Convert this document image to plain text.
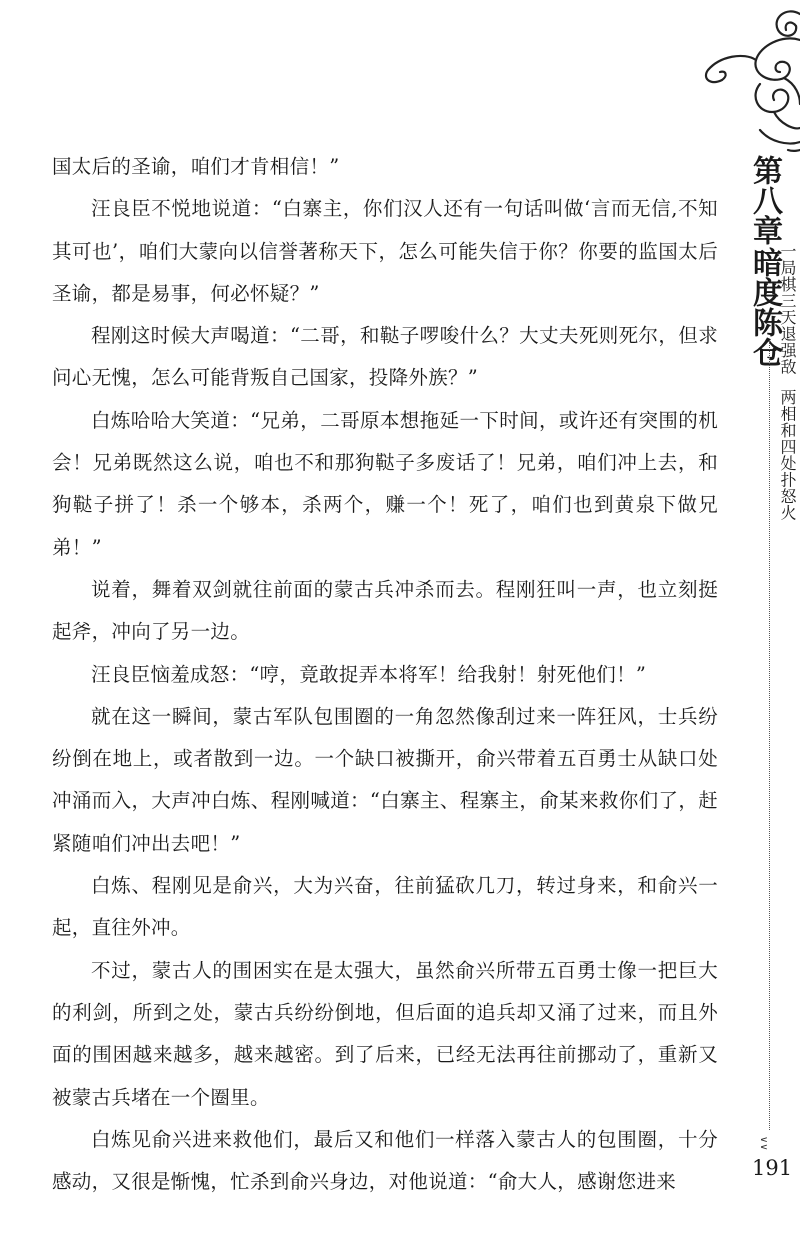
国太后的圣谕，咱们才肯相信！”

汪良臣不悦地说道：“白寨主，你们汉人还有一句话叫做‘言而无信,不知其可也’，咱们大蒙向以信誉著称天下，怎么可能失信于你？你要的监国太后圣谕，都是易事，何必怀疑？”

程刚这时候大声喝道：“二哥，和鞑子啰唆什么？大丈夫死则死尔，但求问心无愧，怎么可能背叛自己国家，投降外族？”

白炼哈哈大笑道：“兄弟，二哥原本想拖延一下时间，或许还有突围的机会！兄弟既然这么说，咱也不和那狗鞑子多废话了！兄弟，咱们冲上去，和狗鞑子拼了！杀一个够本，杀两个，赚一个！死了，咱们也到黄泉下做兄弟！”

说着，舞着双剑就往前面的蒙古兵冲杀而去。程刚狂叫一声，也立刻挺起斧，冲向了另一边。

汪良臣恼羞成怒：“哼，竟敢捉弄本将军！给我射！射死他们！”

就在这一瞬间，蒙古军队包围圈的一角忽然像刮过来一阵狂风，士兵纷纷倒在地上，或者散到一边。一个缺口被撕开，俞兴带着五百勇士从缺口处冲涌而入，大声冲白炼、程刚喊道：“白寨主、程寨主，俞某来救你们了，赶紧随咱们冲出去吧！”

白炼、程刚见是俞兴，大为兴奋，往前猛砍几刀，转过身来，和俞兴一起，直往外冲。

不过，蒙古人的围困实在是太强大，虽然俞兴所带五百勇士像一把巨大的利剑，所到之处，蒙古兵纷纷倒地，但后面的追兵却又涌了过来，而且外面的围困越来越多，越来越密。到了后来，已经无法再往前挪动了，重新又被蒙古兵堵在一个圈里。

白炼见俞兴进来救他们，最后又和他们一样落入蒙古人的包围圈，十分感动，又很是惭愧，忙杀到俞兴身边，对他说道：“俞大人，感谢您进来

第八章
暗度陈仓
一局棋三天退强敌两相和四处扑怒火
∨∨
191
